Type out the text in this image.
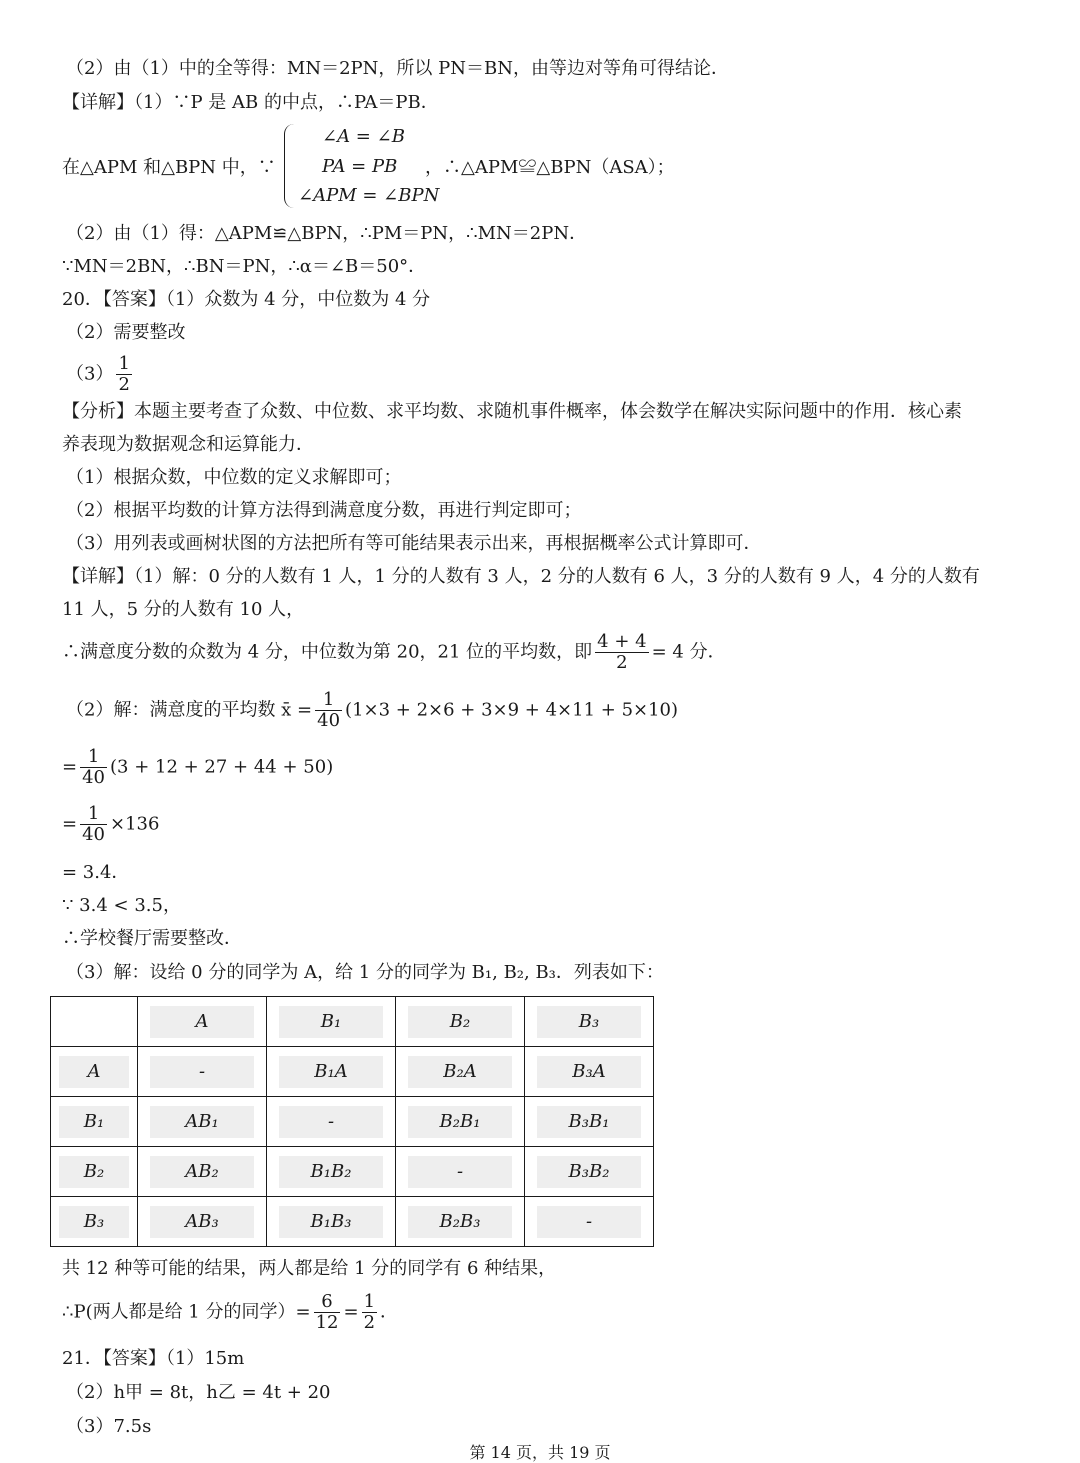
（2）由（1）中的全等得：MN＝2PN，所以 PN＝BN，由等边对等角可得结论．
【详解】（1）∵P 是 AB 的中点，∴PA＝PB．
在△APM 和△BPN 中，∵
∠A = ∠B
PA = PB
∠APM = ∠BPN
，∴△APM≌△BPN（ASA）；
（2）由（1）得：△APM≌△BPN，∴PM＝PN，∴MN＝2PN．
∵MN＝2BN，∴BN＝PN，∴α＝∠B＝50°．
20．【答案】（1）众数为 4 分，中位数为 4 分
（2）需要整改
$(3) \frac{1}{2}$
【分析】本题主要考查了众数、中位数、求平均数、求随机事件概率，体会数学在解决实际问题中的作用．核心素
养表现为数据观念和运算能力．
（1）根据众数，中位数的定义求解即可；
（2）根据平均数的计算方法得到满意度分数，再进行判定即可；
（3）用列表或画树状图的方法把所有等可能结果表示出来，再根据概率公式计算即可．
【详解】（1）解：0 分的人数有 1 人，1 分的人数有 3 人，2 分的人数有 6 人，3 分的人数有 9 人，4 分的人数有
11 人，5 分的人数有 10 人，
∴满意度分数的众数为 4 分，中位数为第 20，21 位的平均数，即 $\frac{4 + 4}{2} = 4$ 分．
（2）解：满意度的平均数 x̄ = $\frac{1}{40} (1\times 3 + 2\times 6 + 3\times 9 + 4\times 11 + 5\times 10)$
= $\frac{1}{40} (3 + 12 + 27 + 44 + 50)$
= $\frac{1}{40} \times 136$
= 3.4．
∵ 3.4 < 3.5，
∴学校餐厅需要整改．
（3）解：设给 0 分的同学为 A，给 1 分的同学为 B₁, B₂, B₃．列表如下：
	A	B₁	B₂	B₃
A	-	B₁A	B₂A	B₃A
B₁	AB₁	-	B₂B₁	B₃B₁
B₂	AB₂	B₁B₂	-	B₃B₂
B₃	AB₃	B₁B₃	B₂B₃	-
共 12 种等可能的结果，两人都是给 1 分的同学有 6 种结果，
∴P(两人都是给 1 分的同学）= $\frac{6}{12} = \frac{1}{2}$ ．
21．【答案】（1）15m
（2）h甲 = 8t，h乙 = 4t + 20
（3）7.5s
第 14 页，共 19 页
